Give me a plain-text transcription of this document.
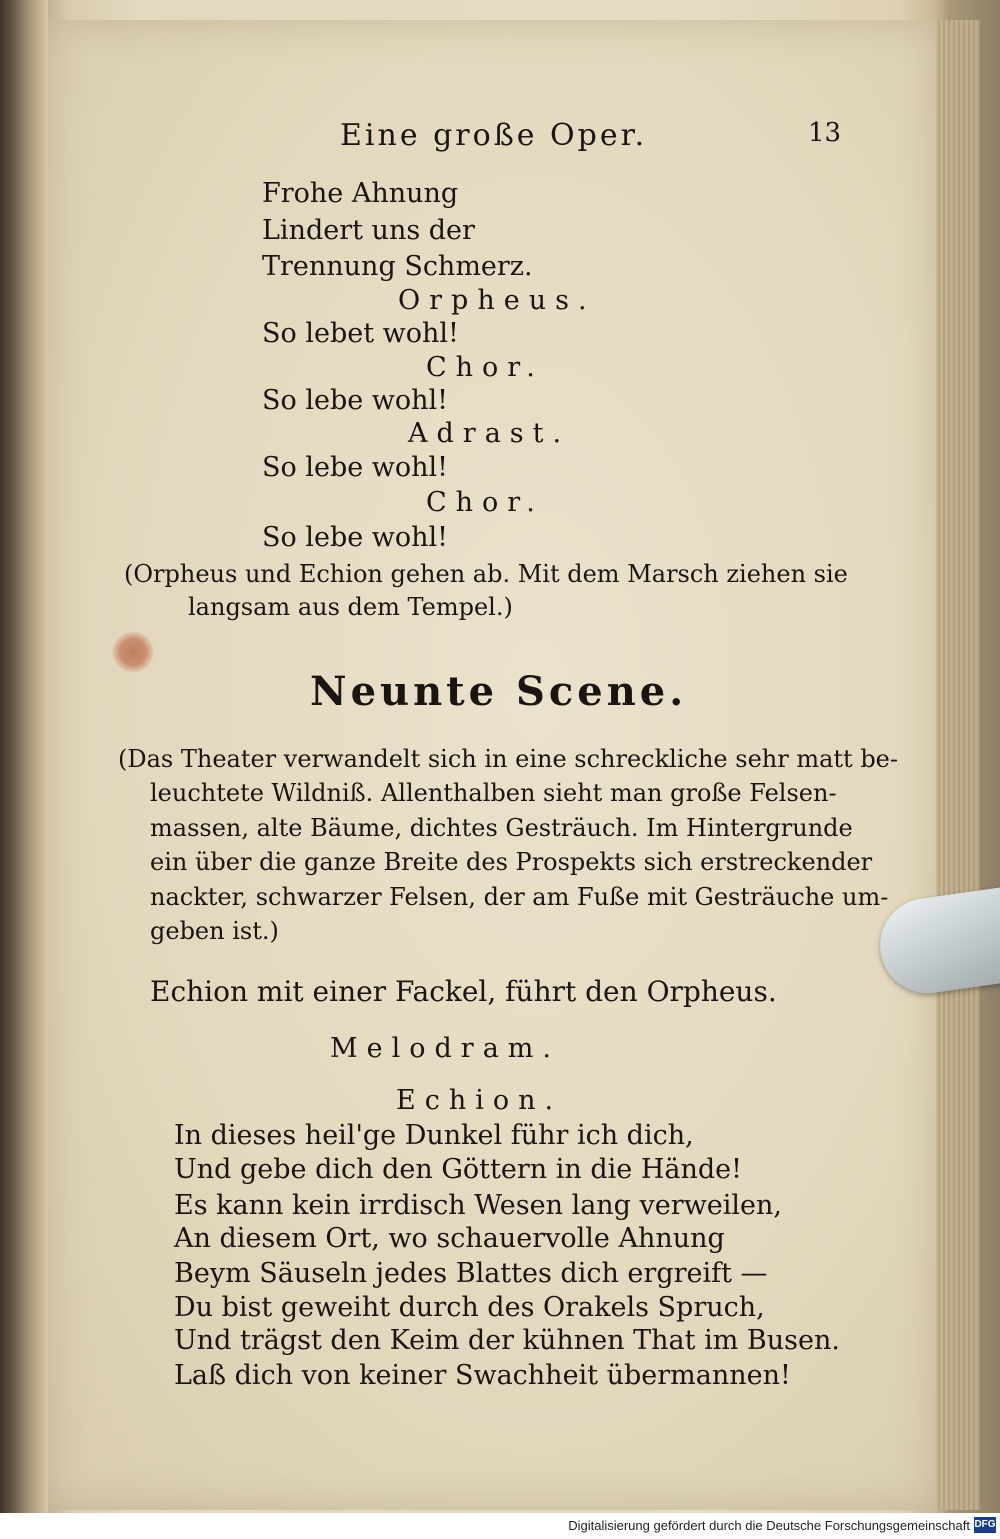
Eine große Oper.	13
Frohe Ahnung
Lindert uns der
Trennung Schmerz.
Orpheus.
So lebet wohl!
Chor.
So lebe wohl!
Adrast.
So lebe wohl!
Chor.
So lebe wohl!
(Orpheus und Echion gehen ab. Mit dem Marsch ziehen sie
langsam aus dem Tempel.)
Neunte Scene.
(Das Theater verwandelt sich in eine schreckliche sehr matt be-
leuchtete Wildniß. Allenthalben sieht man große Felsen-
massen, alte Bäume, dichtes Gesträuch. Im Hintergrunde
ein über die ganze Breite des Prospekts sich erstreckender
nackter, schwarzer Felsen, der am Fuße mit Gesträuche um-
geben ist.)
Echion mit einer Fackel, führt den Orpheus.
Melodram.
Echion.
In dieses heil'ge Dunkel führ ich dich,
Und gebe dich den Göttern in die Hände!
Es kann kein irrdisch Wesen lang verweilen,
An diesem Ort, wo schauervolle Ahnung
Beym Säuseln jedes Blattes dich ergreift —
Du bist geweiht durch des Orakels Spruch,
Und trägst den Keim der kühnen That im Busen.
Laß dich von keiner Swachheit übermannen!
Digitalisierung gefördert durch die Deutsche Forschungsgemeinschaft DFG
